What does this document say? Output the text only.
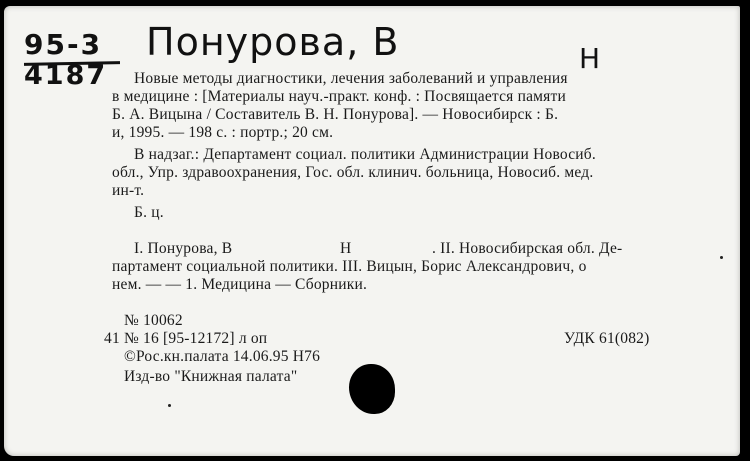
95-3
4187
Понурова, В	Н
Новые методы диагностики, лечения заболеваний и управления
в медицине : [Материалы науч.-практ. конф. : Посвящается памяти
Б. А. Вицына / Составитель В. Н. Понурова]. — Новосибирск : Б.
и, 1995. — 198 с. : портр.; 20 см.
В надзаг.: Департамент социал. политики Администрации Новосиб.
обл., Упр. здравоохранения, Гос. обл. клинич. больница, Новосиб. мед.
ин-т.
Б. ц.
I. Понурова, В	Н	. II. Новосибирская обл. Де-
партамент социальной политики. III. Вицын, Борис Александрович, о
нем. — — 1. Медицина — Сборники.
№ 10062
41 № 16 [95-12172] л оп	УДК 61(082)
©Рос.кн.палата 14.06.95 Н76
Изд-во "Книжная палата"
